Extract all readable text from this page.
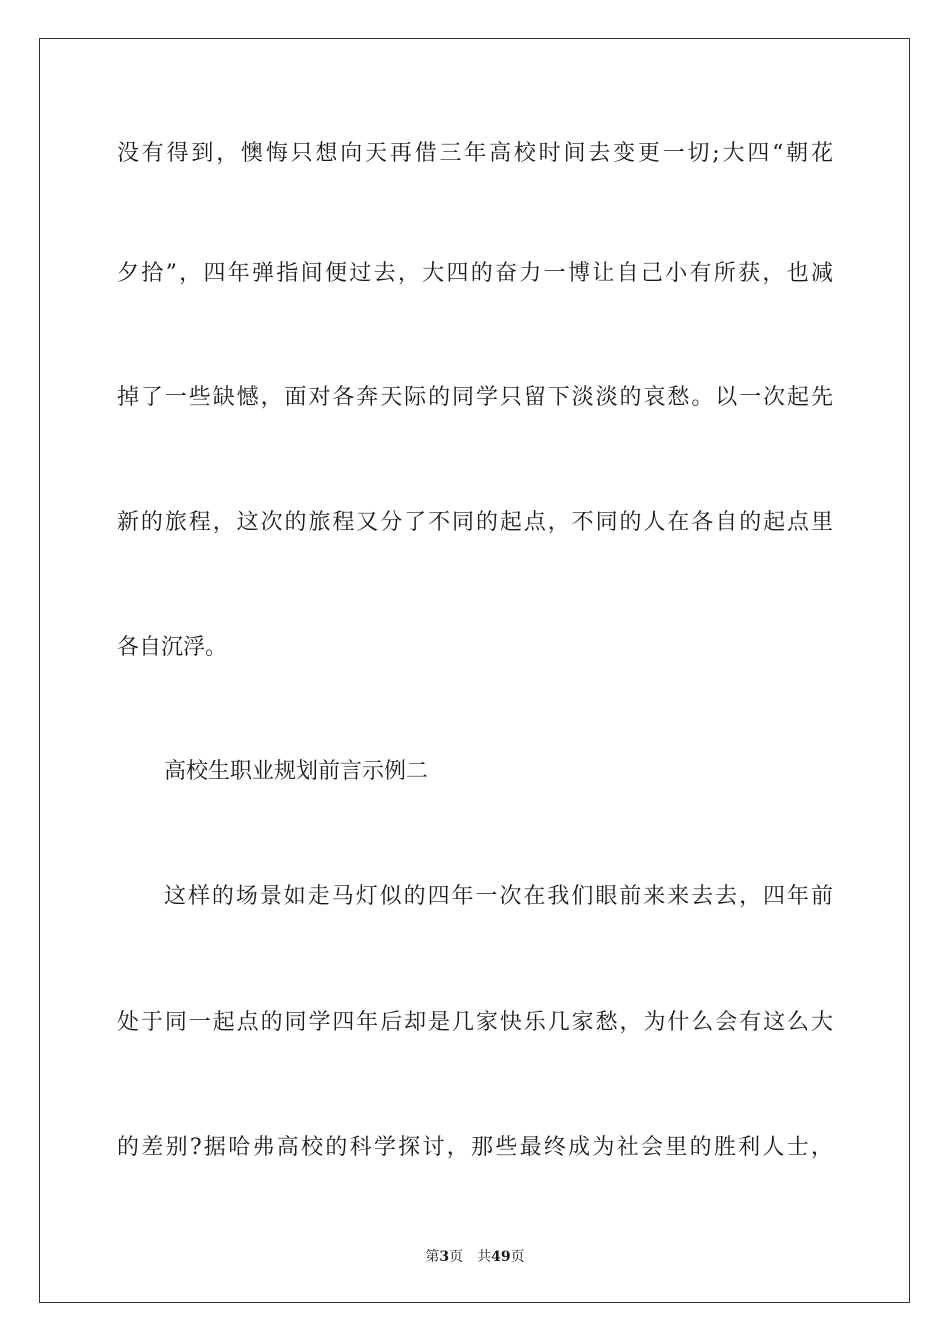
没有得到，懊悔只想向天再借三年高校时间去变更一切;大四“朝花
夕拾”，四年弹指间便过去，大四的奋力一博让自己小有所获，也减
掉了一些缺憾，面对各奔天际的同学只留下淡淡的哀愁。以一次起先
新的旅程，这次的旅程又分了不同的起点，不同的人在各自的起点里
各自沉浮。
高校生职业规划前言示例二
这样的场景如走马灯似的四年一次在我们眼前来来去去，四年前
处于同一起点的同学四年后却是几家快乐几家愁，为什么会有这么大
的差别?据哈弗高校的科学探讨，那些最终成为社会里的胜利人士，
第3页 共49页
